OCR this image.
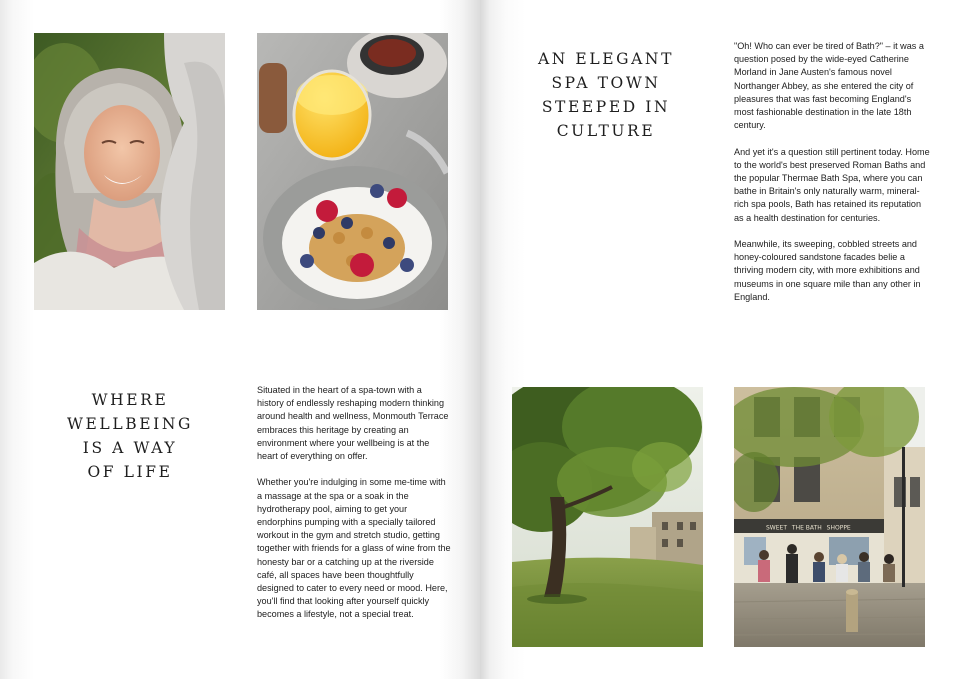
WHERE
WELLBEING
IS A WAY
OF LIFE

Situated in the heart of a spa-town with a history of endlessly reshaping modern thinking around health and wellness, Monmouth Terrace embraces this heritage by creating an environment where your wellbeing is at the heart of everything on offer.

Whether you're indulging in some me-time with a massage at the spa or a soak in the hydrotherapy pool, aiming to get your endorphins pumping with a specially tailored workout in the gym and stretch studio, getting together with friends for a glass of wine from the honesty bar or a catching up at the riverside café, all spaces have been thoughtfully designed to cater to every need or mood. Here, you'll find that looking after yourself quickly becomes a lifestyle, not a special treat.

AN ELEGANT
SPA TOWN
STEEPED IN
CULTURE

"Oh! Who can ever be tired of Bath?" – it was a question posed by the wide-eyed Catherine Morland in Jane Austen's famous novel Northanger Abbey, as she entered the city of pleasures that was fast becoming England's most fashionable destination in the late 18th century.

And yet it's a question still pertinent today. Home to the world's best preserved Roman Baths and the popular Thermae Bath Spa, where you can bathe in Britain's only naturally warm, mineral-rich spa pools, Bath has retained its reputation as a health destination for centuries.

Meanwhile, its sweeping, cobbled streets and honey-coloured sandstone facades belie a thriving modern city, with more exhibitions and museums in one square mile than any other in England.

SWEET THE BATH SHOPPE
